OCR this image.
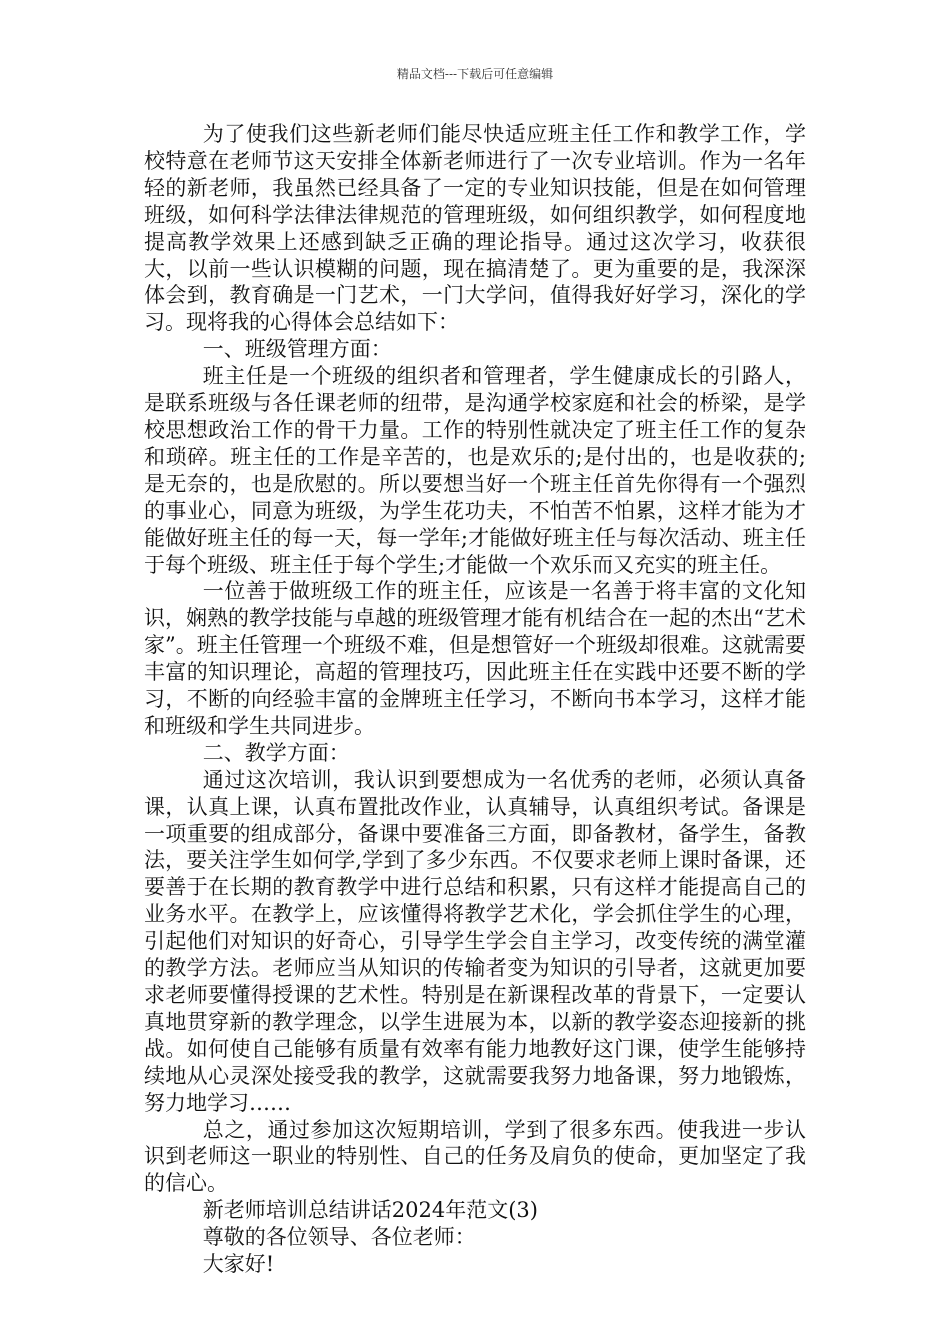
精品文档---下载后可任意编辑

为了使我们这些新老师们能尽快适应班主任工作和教学工作，学校特意在老师节这天安排全体新老师进行了一次专业培训。作为一名年轻的新老师，我虽然已经具备了一定的专业知识技能，但是在如何管理班级，如何科学法律法律规范的管理班级，如何组织教学，如何程度地提高教学效果上还感到缺乏正确的理论指导。通过这次学习，收获很大，以前一些认识模糊的问题，现在搞清楚了。更为重要的是，我深深体会到，教育确是一门艺术，一门大学问，值得我好好学习，深化的学习。现将我的心得体会总结如下：

一、班级管理方面：

班主任是一个班级的组织者和管理者，学生健康成长的引路人，是联系班级与各任课老师的纽带，是沟通学校家庭和社会的桥梁，是学校思想政治工作的骨干力量。工作的特别性就决定了班主任工作的复杂和琐碎。班主任的工作是辛苦的，也是欢乐的;是付出的，也是收获的;是无奈的，也是欣慰的。所以要想当好一个班主任首先你得有一个强烈的事业心，同意为班级，为学生花功夫，不怕苦不怕累，这样才能为才能做好班主任的每一天，每一学年;才能做好班主任与每次活动、班主任于每个班级、班主任于每个学生;才能做一个欢乐而又充实的班主任。

一位善于做班级工作的班主任，应该是一名善于将丰富的文化知识，娴熟的教学技能与卓越的班级管理才能有机结合在一起的杰出“艺术家”。班主任管理一个班级不难，但是想管好一个班级却很难。这就需要丰富的知识理论，高超的管理技巧，因此班主任在实践中还要不断的学习，不断的向经验丰富的金牌班主任学习，不断向书本学习，这样才能和班级和学生共同进步。

二、教学方面：

通过这次培训，我认识到要想成为一名优秀的老师，必须认真备课，认真上课，认真布置批改作业，认真辅导，认真组织考试。备课是一项重要的组成部分，备课中要准备三方面，即备教材，备学生，备教法，要关注学生如何学,学到了多少东西。不仅要求老师上课时备课，还要善于在长期的教育教学中进行总结和积累，只有这样才能提高自己的业务水平。在教学上，应该懂得将教学艺术化，学会抓住学生的心理，引起他们对知识的好奇心，引导学生学会自主学习，改变传统的满堂灌的教学方法。老师应当从知识的传输者变为知识的引导者，这就更加要求老师要懂得授课的艺术性。特别是在新课程改革的背景下，一定要认真地贯穿新的教学理念，以学生进展为本，以新的教学姿态迎接新的挑战。如何使自己能够有质量有效率有能力地教好这门课，使学生能够持续地从心灵深处接受我的教学，这就需要我努力地备课，努力地锻炼，努力地学习……

总之，通过参加这次短期培训，学到了很多东西。使我进一步认识到老师这一职业的特别性、自己的任务及肩负的使命，更加坚定了我的信心。

新老师培训总结讲话2024年范文(3)

尊敬的各位领导、各位老师：

大家好!
